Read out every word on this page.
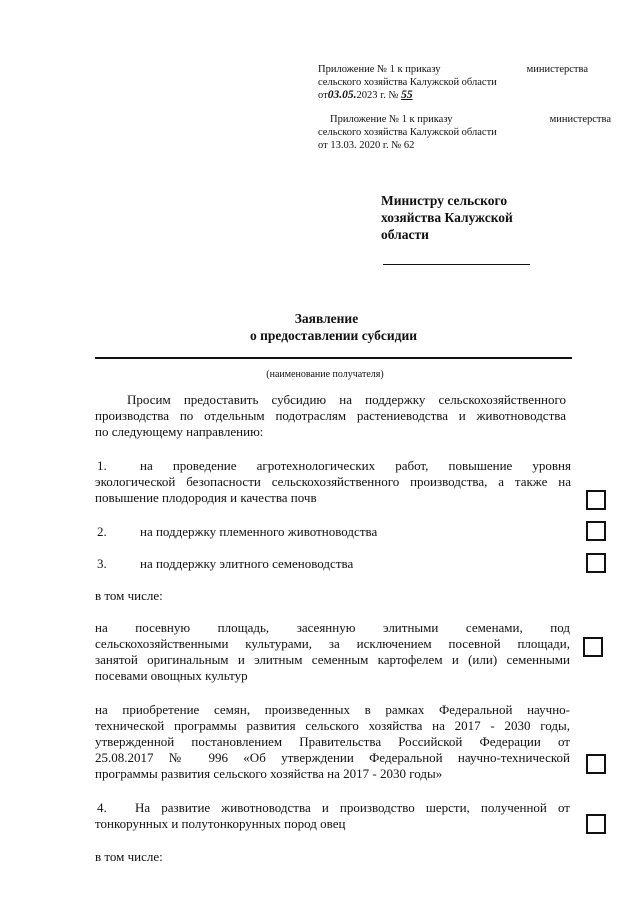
Приложение № 1 к приказу	министерства
сельского хозяйства Калужской области
от03.05.2023 г. № 55
Приложение № 1 к приказу	министерства
сельского хозяйства Калужской области
от 13.03. 2020 г. № 62
Министру сельского
хозяйства Калужской
области
Заявление
о предоставлении субсидии
(наименование получателя)
Просим предоставить субсидию на поддержку сельскохозяйственного
производства по отдельным подотраслям растениеводства и животноводства
по следующему направлению:
1.	на проведение агротехнологических работ, повышение уровня
экологической безопасности сельскохозяйственного производства, а также на
повышение плодородия и качества почв
2.	на поддержку племенного животноводства
3.	на поддержку элитного семеноводства
в том числе:
на посевную площадь, засеянную элитными семенами, под
сельскохозяйственными культурами, за исключением посевной площади,
занятой оригинальным и элитным семенным картофелем и (или) семенными
посевами овощных культур
на приобретение семян, произведенных в рамках Федеральной научно-
технической программы развития сельского хозяйства на 2017 - 2030 годы,
утвержденной постановлением Правительства Российской Федерации от
25.08.2017 № 996 «Об утверждении Федеральной научно-технической
программы развития сельского хозяйства на 2017 - 2030 годы»
4.	На развитие животноводства и производство шерсти, полученной от
тонкорунных и полутонкорунных пород овец
в том числе:
